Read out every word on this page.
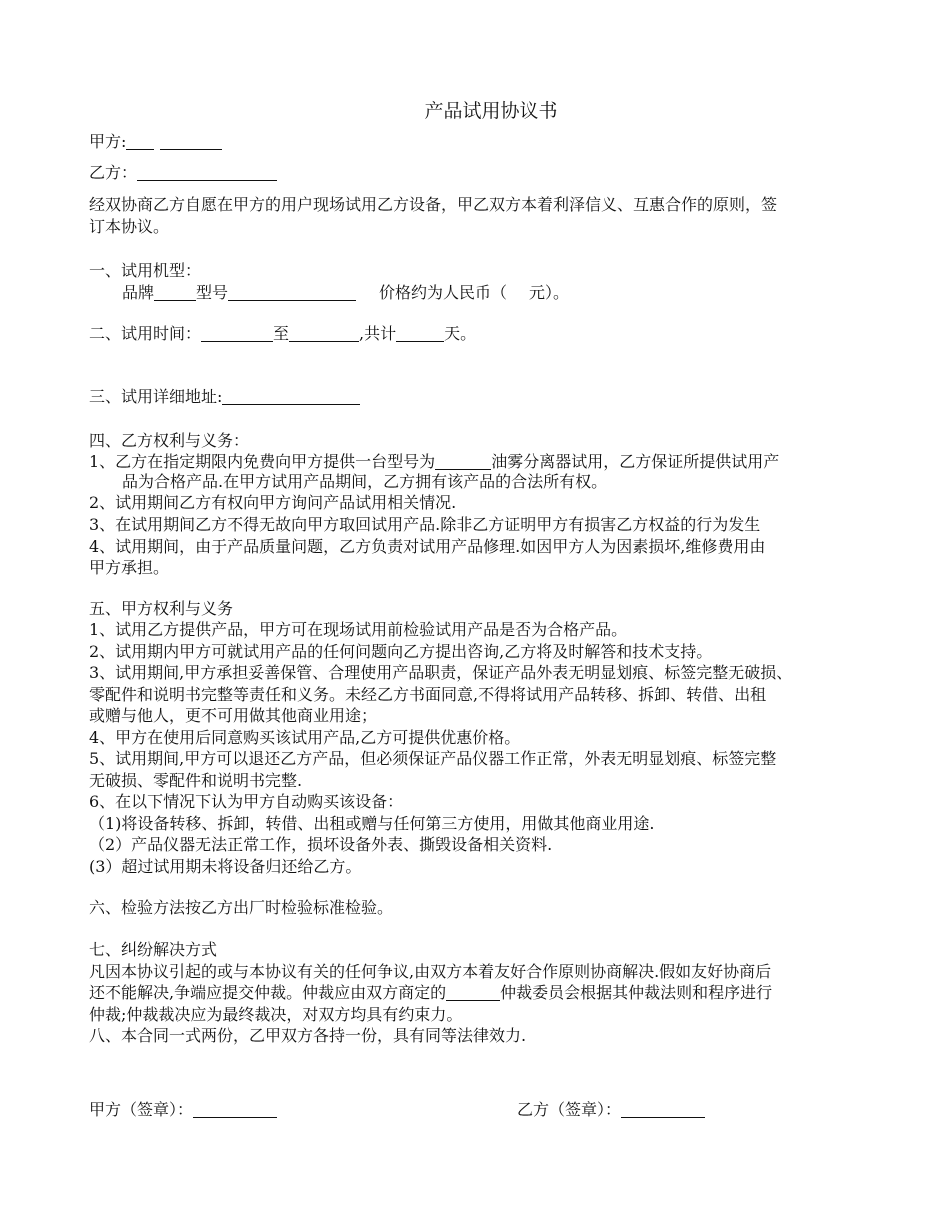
产品试用协议书
甲方:
乙方：
经双协商乙方自愿在甲方的用户现场试用乙方设备，甲乙双方本着利泽信义、互惠合作的原则，签
订本协议。
一、试用机型：
品牌	型号	价格约为人民币（ 元）。
二、试用时间：	至	,共计	天。
三、试用详细地址:
四、乙方权利与义务：
1、乙方在指定期限内免费向甲方提供一台型号为	油雾分离器试用，乙方保证所提供试用产
品为合格产品.在甲方试用产品期间，乙方拥有该产品的合法所有权。
2、试用期间乙方有权向甲方询问产品试用相关情况.
3、在试用期间乙方不得无故向甲方取回试用产品.除非乙方证明甲方有损害乙方权益的行为发生
4、试用期间，由于产品质量问题，乙方负责对试用产品修理.如因甲方人为因素损坏,维修费用由
甲方承担。
五、甲方权利与义务
1、试用乙方提供产品，甲方可在现场试用前检验试用产品是否为合格产品。
2、试用期内甲方可就试用产品的任何问题向乙方提出咨询,乙方将及时解答和技术支持。
3、试用期间,甲方承担妥善保管、合理使用产品职责，保证产品外表无明显划痕、标签完整无破损、
零配件和说明书完整等责任和义务。未经乙方书面同意,不得将试用产品转移、拆卸、转借、出租
或赠与他人，更不可用做其他商业用途；
4、甲方在使用后同意购买该试用产品,乙方可提供优惠价格。
5、试用期间,甲方可以退还乙方产品，但必须保证产品仪器工作正常，外表无明显划痕、标签完整
无破损、零配件和说明书完整.
6、在以下情况下认为甲方自动购买该设备：
（1)将设备转移、拆卸，转借、出租或赠与任何第三方使用，用做其他商业用途.
（2）产品仪器无法正常工作，损坏设备外表、撕毁设备相关资料.
(3）超过试用期未将设备归还给乙方。
六、检验方法按乙方出厂时检验标准检验。
七、纠纷解决方式
凡因本协议引起的或与本协议有关的任何争议,由双方本着友好合作原则协商解决.假如友好协商后
还不能解决,争端应提交仲裁。仲裁应由双方商定的	仲裁委员会根据其仲裁法则和程序进行
仲裁;仲裁裁决应为最终裁决，对双方均具有约束力。
八、本合同一式两份，乙甲双方各持一份，具有同等法律效力.
甲方（签章）：	乙方（签章）：
